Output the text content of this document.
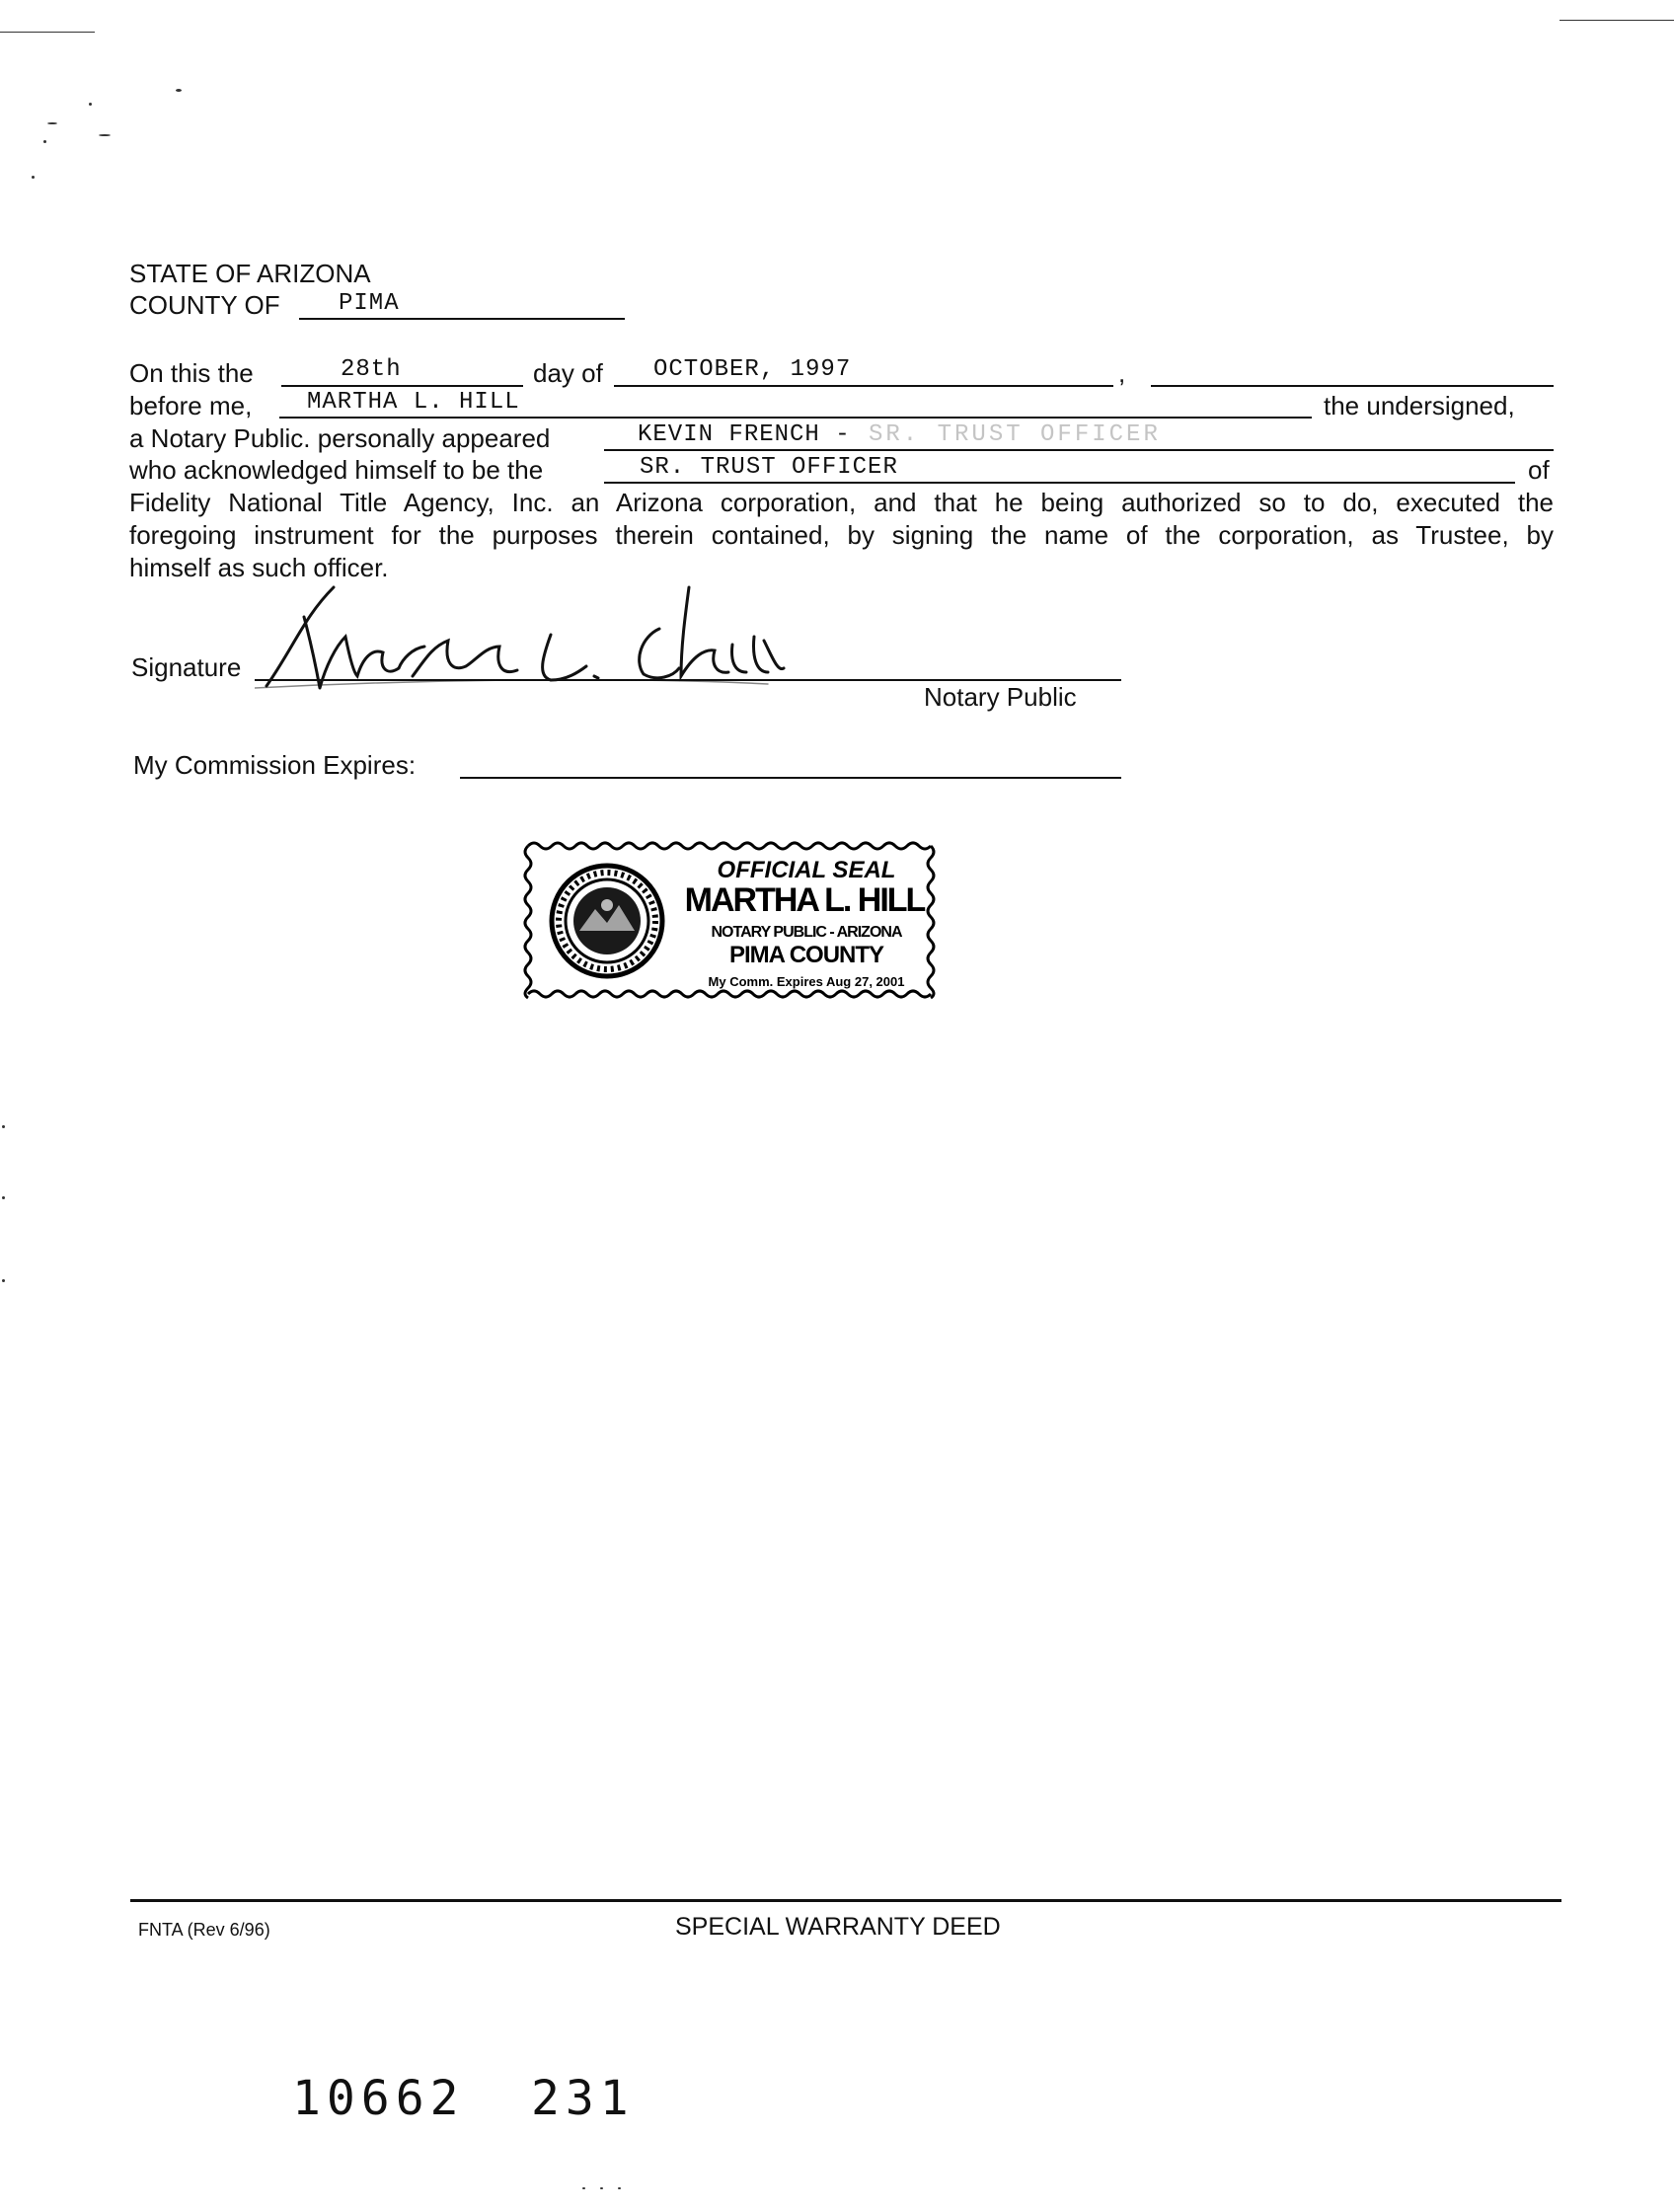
STATE OF ARIZONA
COUNTY OF PIMA
On this the	28th	day of OCTOBER, 1997	,
before me, MARTHA L. HILL	the undersigned,
a Notary Public. personally appeared	KEVIN FRENCH - SR. TRUST OFFICER
who acknowledged himself to be the	SR. TRUST OFFICER	of
Fidelity National Title Agency, Inc. an Arizona corporation, and that he being authorized so to do, executed the
foregoing instrument for the purposes therein contained, by signing the name of the corporation, as Trustee, by
himself as such officer.
Signature
Notary Public
My Commission Expires:
OFFICIAL SEAL
MARTHA L. HILL
NOTARY PUBLIC - ARIZONA
PIMA COUNTY
My Comm. Expires Aug 27, 2001
FNTA (Rev 6/96)	SPECIAL WARRANTY DEED
10662 231
